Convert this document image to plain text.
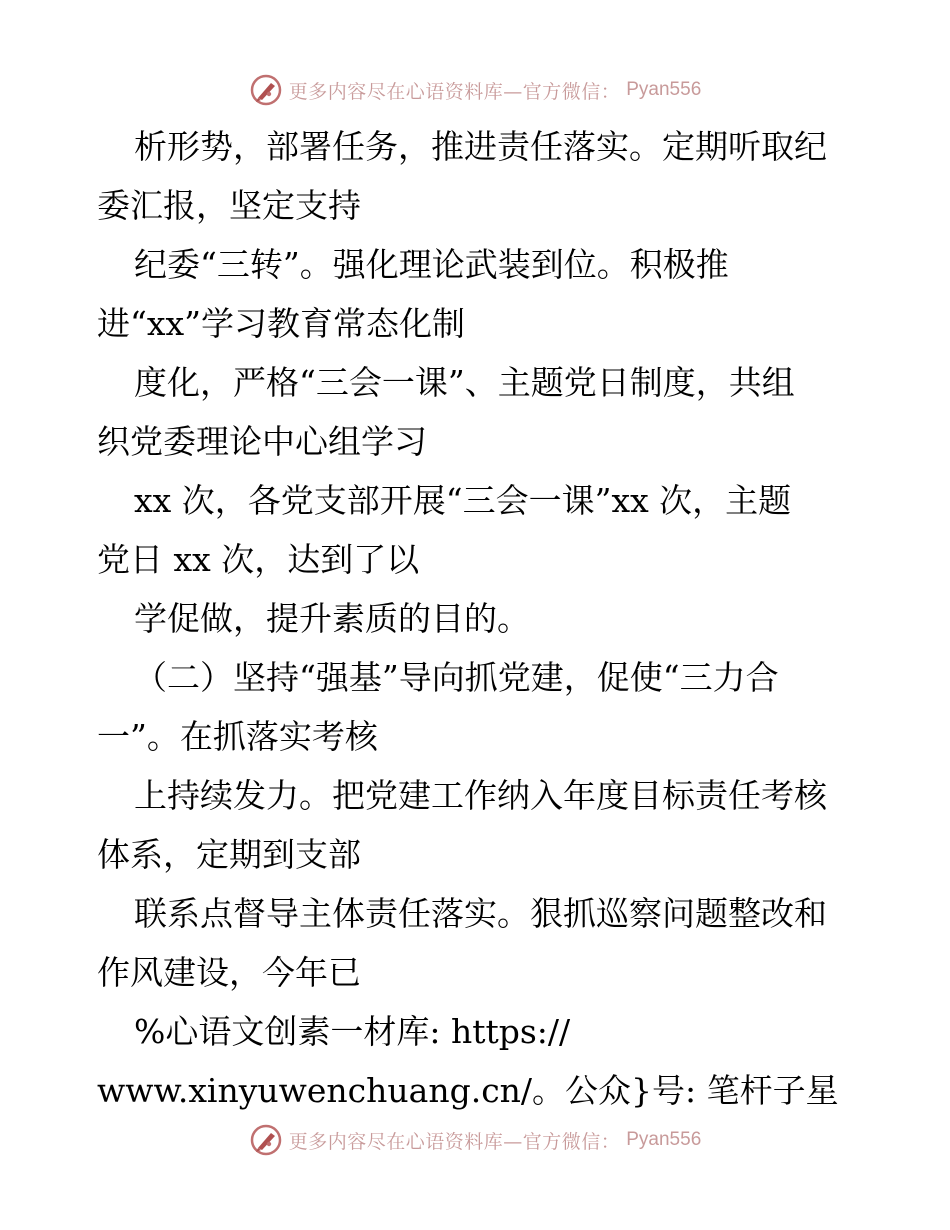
更多内容尽在心语资料库—官方微信： Pyan556
析形势，部署任务，推进责任落实。定期听取纪
委汇报，坚定支持
纪委“三转”。强化理论武装到位。积极推
进“xx”学习教育常态化制
度化，严格“三会一课”、主题党日制度，共组
织党委理论中心组学习
xx 次，各党支部开展“三会一课”xx 次，主题
党日 xx 次，达到了以
学促做，提升素质的目的。
（二）坚持“强基”导向抓党建，促使“三力合
一”。在抓落实考核
上持续发力。把党建工作纳入年度目标责任考核
体系，定期到支部
联系点督导主体责任落实。狠抓巡察问题整改和
作风建设，今年已
%心语文创素一材库: https://
www.xinyuwenchuang.cn/。公众}号: 笔杆子星
更多内容尽在心语资料库—官方微信： Pyan556
